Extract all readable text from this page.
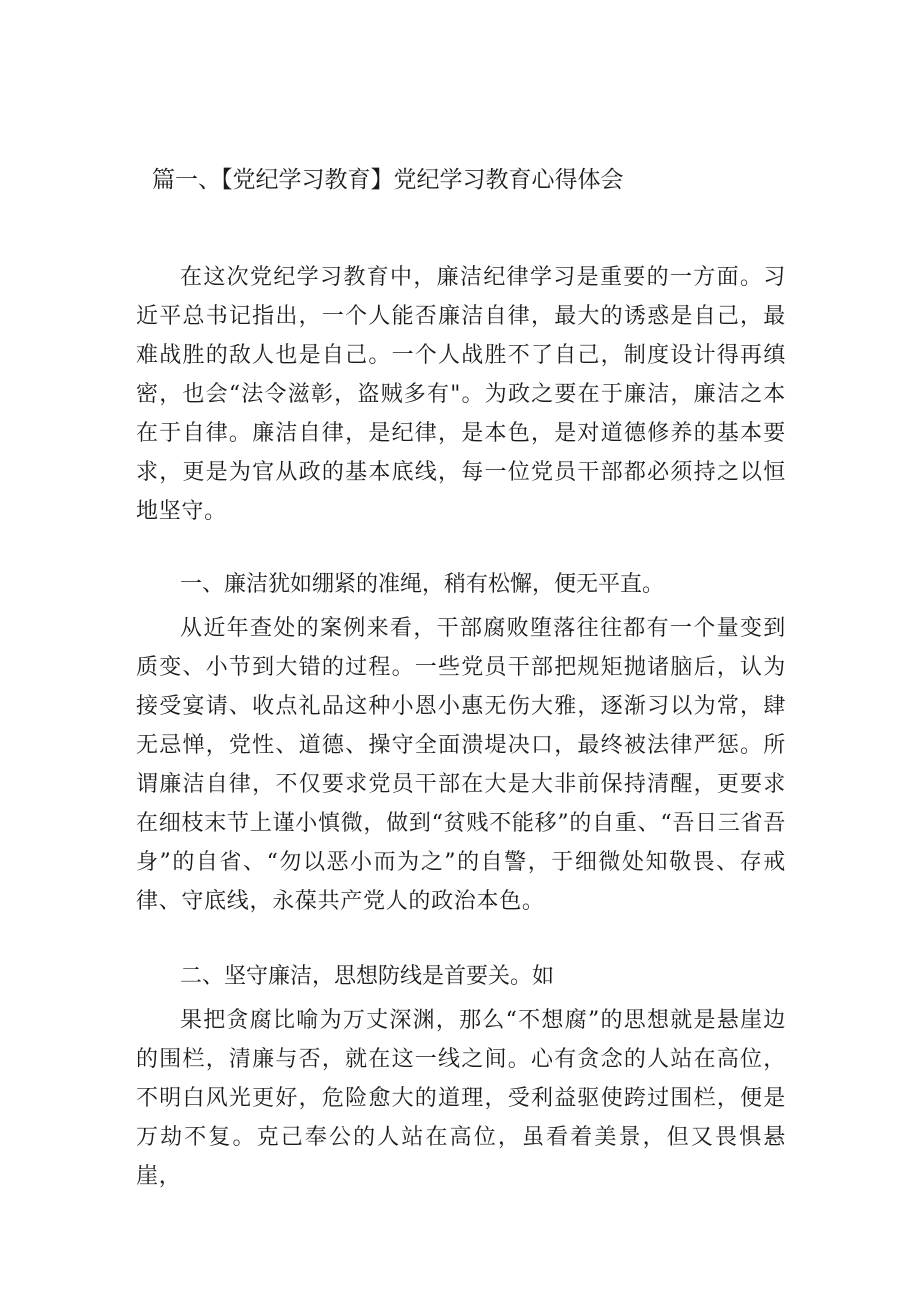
篇一、【党纪学习教育】党纪学习教育心得体会

在这次党纪学习教育中，廉洁纪律学习是重要的一方面。习近平总书记指出，一个人能否廉洁自律，最大的诱惑是自己，最难战胜的敌人也是自己。一个人战胜不了自己，制度设计得再缜密，也会“法令滋彰，盗贼多有"。为政之要在于廉洁，廉洁之本在于自律。廉洁自律，是纪律，是本色，是对道德修养的基本要求，更是为官从政的基本底线，每一位党员干部都必须持之以恒地坚守。

一、廉洁犹如绷紧的准绳，稍有松懈，便无平直。

从近年查处的案例来看，干部腐败堕落往往都有一个量变到质变、小节到大错的过程。一些党员干部把规矩抛诸脑后，认为接受宴请、收点礼品这种小恩小惠无伤大雅，逐渐习以为常，肆无忌惮，党性、道德、操守全面溃堤决口，最终被法律严惩。所谓廉洁自律，不仅要求党员干部在大是大非前保持清醒，更要求在细枝末节上谨小慎微，做到“贫贱不能移”的自重、“吾日三省吾身”的自省、“勿以恶小而为之”的自警，于细微处知敬畏、存戒律、守底线，永葆共产党人的政治本色。

二、坚守廉洁，思想防线是首要关。如

果把贪腐比喻为万丈深渊，那么“不想腐”的思想就是悬崖边的围栏，清廉与否，就在这一线之间。心有贪念的人站在高位，不明白风光更好，危险愈大的道理，受利益驱使跨过围栏，便是万劫不复。克己奉公的人站在高位，虽看着美景，但又畏惧悬崖，
